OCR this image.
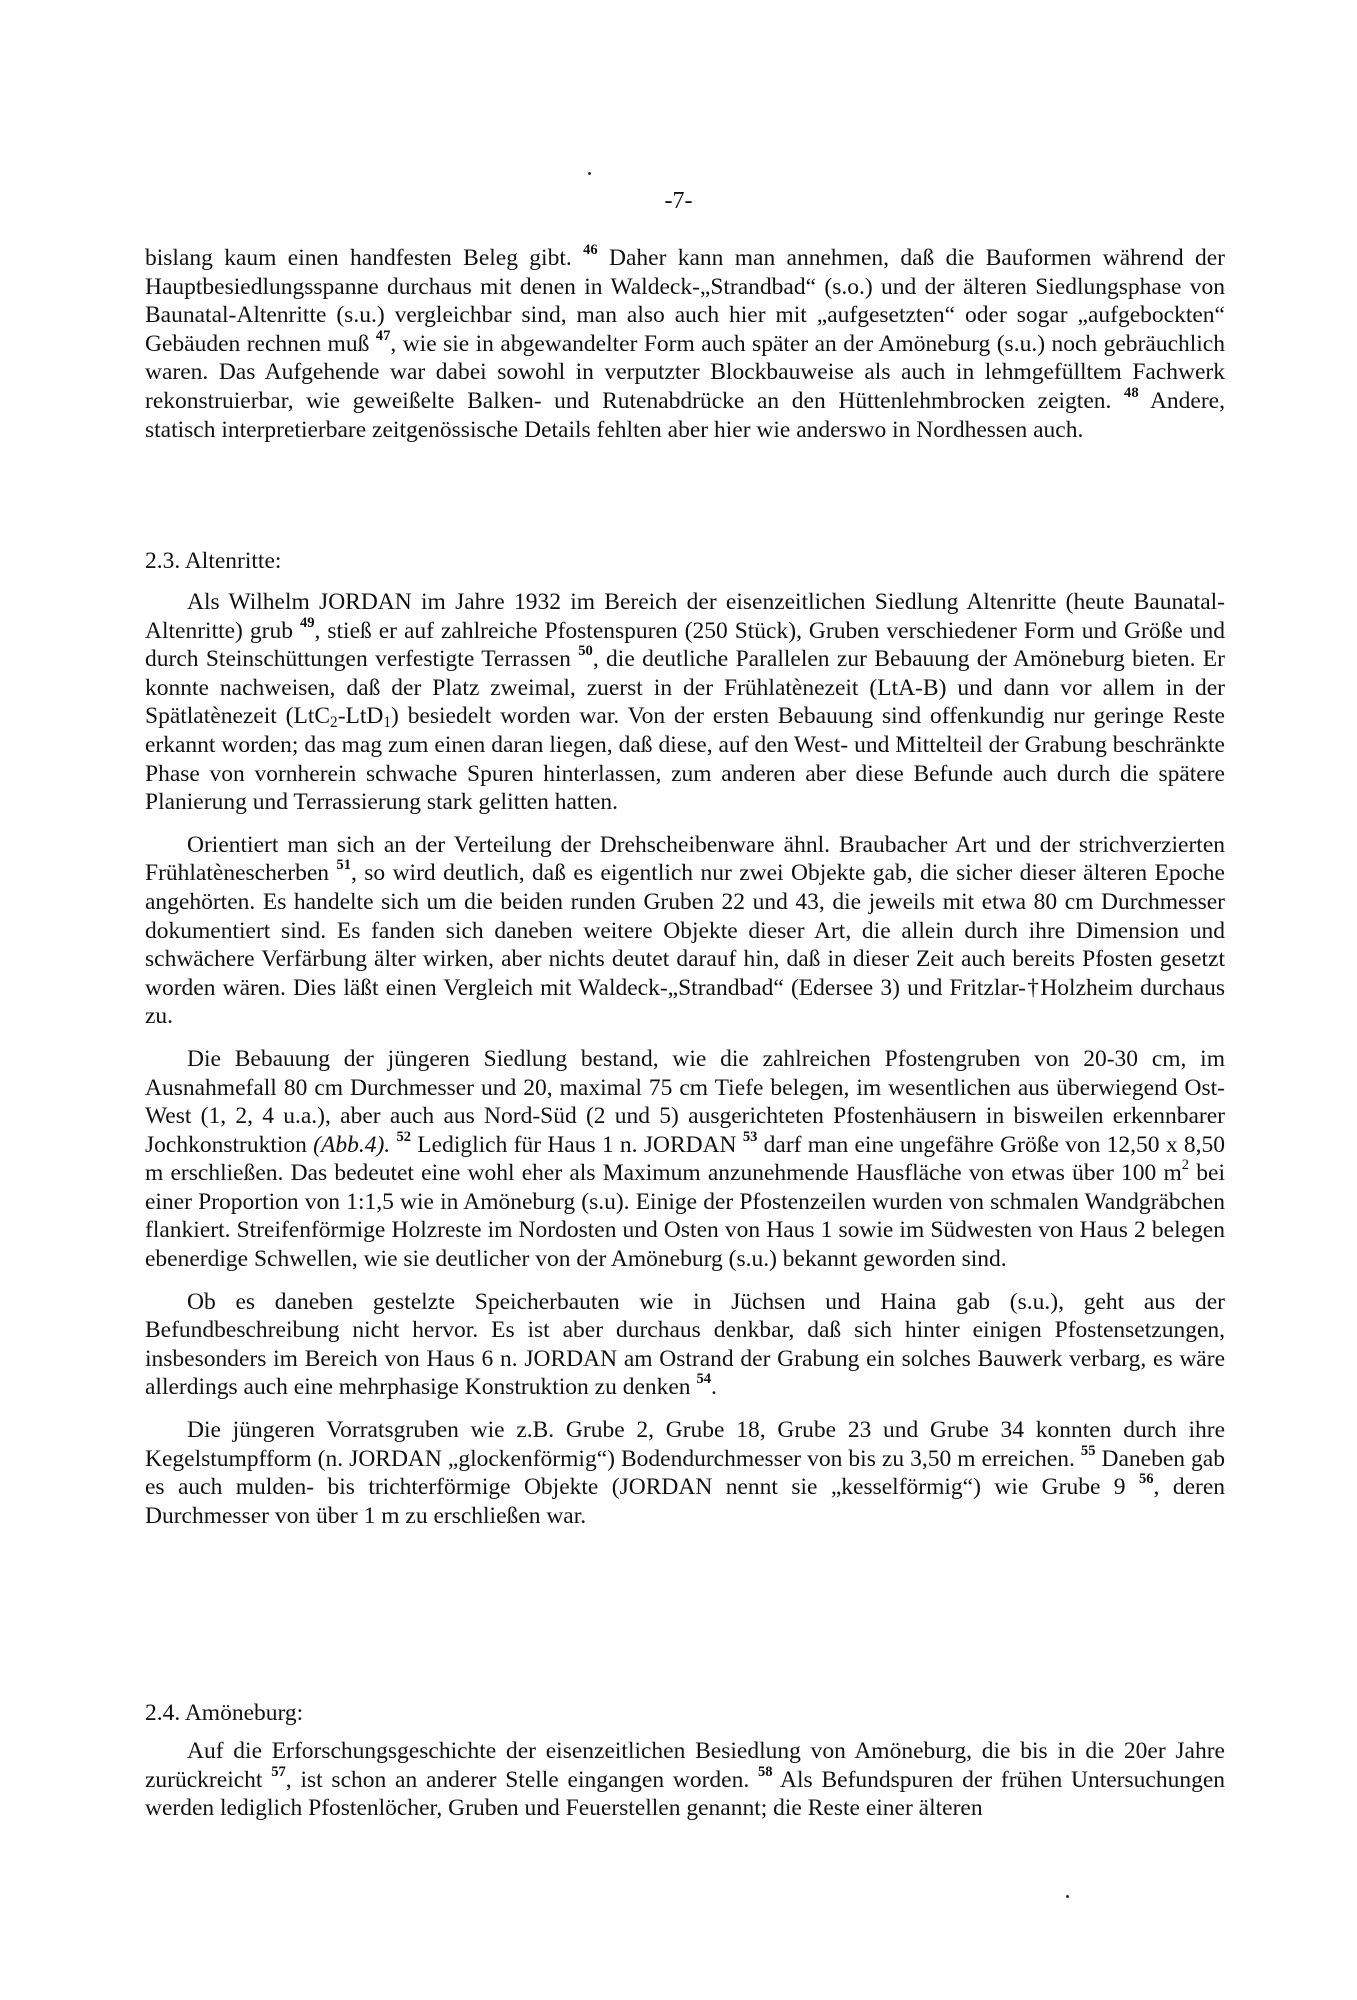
-7-

bislang kaum einen handfesten Beleg gibt. $^{46}$ Daher kann man annehmen, daß die Bauformen während der Hauptbesiedlungsspanne durchaus mit denen in Waldeck-„Strandbad“ (s.o.) und der älteren Siedlungsphase von Baunatal-Altenritte (s.u.) vergleichbar sind, man also auch hier mit „aufgesetzten“ oder sogar „aufgebockten“ Gebäuden rechnen muß $^{47}$, wie sie in abgewandelter Form auch später an der Amöneburg (s.u.) noch gebräuchlich waren. Das Aufgehende war dabei sowohl in verputzter Blockbauweise als auch in lehmgefülltem Fachwerk rekonstruierbar, wie geweißelte Balken- und Rutenabdrücke an den Hüttenlehmbrocken zeigten. $^{48}$ Andere, statisch interpretierbare zeitgenössische Details fehlten aber hier wie anderswo in Nordhessen auch.

2.3. Altenritte:

Als Wilhelm JORDAN im Jahre 1932 im Bereich der eisenzeitlichen Siedlung Altenritte (heute Baunatal-Altenritte) grub $^{49}$, stieß er auf zahlreiche Pfostenspuren (250 Stück), Gruben verschiedener Form und Größe und durch Steinschüttungen verfestigte Terrassen $^{50}$, die deutliche Parallelen zur Bebauung der Amöneburg bieten. Er konnte nachweisen, daß der Platz zweimal, zuerst in der Frühlatènezeit (LtA-B) und dann vor allem in der Spätlatènezeit (LtC$_2$-LtD$_1$) besiedelt worden war. Von der ersten Bebauung sind offenkundig nur geringe Reste erkannt worden; das mag zum einen daran liegen, daß diese, auf den West- und Mittelteil der Grabung beschränkte Phase von vornherein schwache Spuren hinterlassen, zum anderen aber diese Befunde auch durch die spätere Planierung und Terrassierung stark gelitten hatten.

Orientiert man sich an der Verteilung der Drehscheibenware ähnl. Braubacher Art und der strichverzierten Frühlatènescherben $^{51}$, so wird deutlich, daß es eigentlich nur zwei Objekte gab, die sicher dieser älteren Epoche angehörten. Es handelte sich um die beiden runden Gruben 22 und 43, die jeweils mit etwa 80 cm Durchmesser dokumentiert sind. Es fanden sich daneben weitere Objekte dieser Art, die allein durch ihre Dimension und schwächere Verfärbung älter wirken, aber nichts deutet darauf hin, daß in dieser Zeit auch bereits Pfosten gesetzt worden wären. Dies läßt einen Vergleich mit Waldeck-„Strandbad“ (Edersee 3) und Fritzlar-†Holzheim durchaus zu.

Die Bebauung der jüngeren Siedlung bestand, wie die zahlreichen Pfostengruben von 20-30 cm, im Ausnahmefall 80 cm Durchmesser und 20, maximal 75 cm Tiefe belegen, im wesentlichen aus überwiegend Ost-West (1, 2, 4 u.a.), aber auch aus Nord-Süd (2 und 5) ausgerichteten Pfostenhäusern in bisweilen erkennbarer Jochkonstruktion (Abb.4). $^{52}$ Lediglich für Haus 1 n. JORDAN $^{53}$ darf man eine ungefähre Größe von 12,50 x 8,50 m erschließen. Das bedeutet eine wohl eher als Maximum anzunehmende Hausfläche von etwas über 100 $m^2$ bei einer Proportion von 1:1,5 wie in Amöneburg (s.u). Einige der Pfostenzeilen wurden von schmalen Wandgräbchen flankiert. Streifenförmige Holzreste im Nordosten und Osten von Haus 1 sowie im Südwesten von Haus 2 belegen ebenerdige Schwellen, wie sie deutlicher von der Amöneburg (s.u.) bekannt geworden sind.

Ob es daneben gestelzte Speicherbauten wie in Jüchsen und Haina gab (s.u.), geht aus der Befundbeschreibung nicht hervor. Es ist aber durchaus denkbar, daß sich hinter einigen Pfostensetzungen, insbesonders im Bereich von Haus 6 n. JORDAN am Ostrand der Grabung ein solches Bauwerk verbarg, es wäre allerdings auch eine mehrphasige Konstruktion zu denken $^{54}$.

Die jüngeren Vorratsgruben wie z.B. Grube 2, Grube 18, Grube 23 und Grube 34 konnten durch ihre Kegelstumpfform (n. JORDAN „glockenförmig“) Bodendurchmesser von bis zu 3,50 m erreichen. $^{55}$ Daneben gab es auch mulden- bis trichterförmige Objekte (JORDAN nennt sie „kesselförmig“) wie Grube 9 $^{56}$, deren Durchmesser von über 1 m zu erschließen war.

2.4. Amöneburg:

Auf die Erforschungsgeschichte der eisenzeitlichen Besiedlung von Amöneburg, die bis in die 20er Jahre zurückreicht $^{57}$, ist schon an anderer Stelle eingangen worden. $^{58}$ Als Befundspuren der frühen Untersuchungen werden lediglich Pfostenlöcher, Gruben und Feuerstellen genannt; die Reste einer älteren
